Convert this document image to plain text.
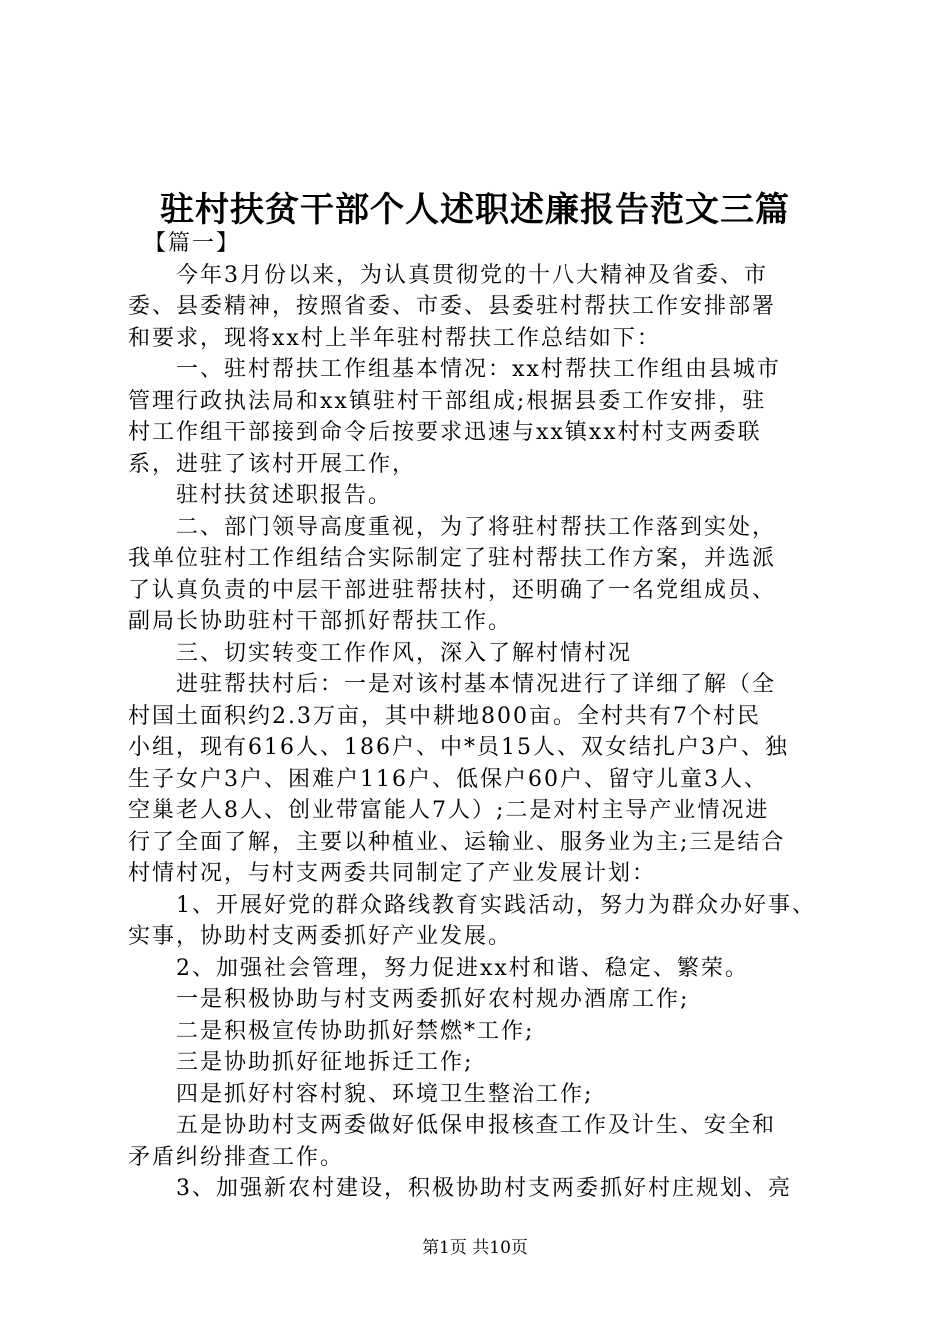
驻村扶贫干部个人述职述廉报告范文三篇
【篇一】
今年3月份以来，为认真贯彻党的十八大精神及省委、市
委、县委精神，按照省委、市委、县委驻村帮扶工作安排部署
和要求，现将xx村上半年驻村帮扶工作总结如下：
一、驻村帮扶工作组基本情况：xx村帮扶工作组由县城市
管理行政执法局和xx镇驻村干部组成;根据县委工作安排，驻
村工作组干部接到命令后按要求迅速与xx镇xx村村支两委联
系，进驻了该村开展工作，
驻村扶贫述职报告。
二、部门领导高度重视，为了将驻村帮扶工作落到实处，
我单位驻村工作组结合实际制定了驻村帮扶工作方案，并选派
了认真负责的中层干部进驻帮扶村，还明确了一名党组成员、
副局长协助驻村干部抓好帮扶工作。
三、切实转变工作作风，深入了解村情村况
进驻帮扶村后：一是对该村基本情况进行了详细了解（全
村国土面积约2.3万亩，其中耕地800亩。全村共有7个村民
小组，现有616人、186户、中*员15人、双女结扎户3户、独
生子女户3户、困难户116户、低保户60户、留守儿童3人、
空巢老人8人、创业带富能人7人）;二是对村主导产业情况进
行了全面了解，主要以种植业、运输业、服务业为主;三是结合
村情村况，与村支两委共同制定了产业发展计划：
1、开展好党的群众路线教育实践活动，努力为群众办好事、
实事，协助村支两委抓好产业发展。
2、加强社会管理，努力促进xx村和谐、稳定、繁荣。
一是积极协助与村支两委抓好农村规办酒席工作;
二是积极宣传协助抓好禁燃*工作;
三是协助抓好征地拆迁工作;
四是抓好村容村貌、环境卫生整治工作;
五是协助村支两委做好低保申报核查工作及计生、安全和
矛盾纠纷排查工作。
3、加强新农村建设，积极协助村支两委抓好村庄规划、亮
第1页 共10页
